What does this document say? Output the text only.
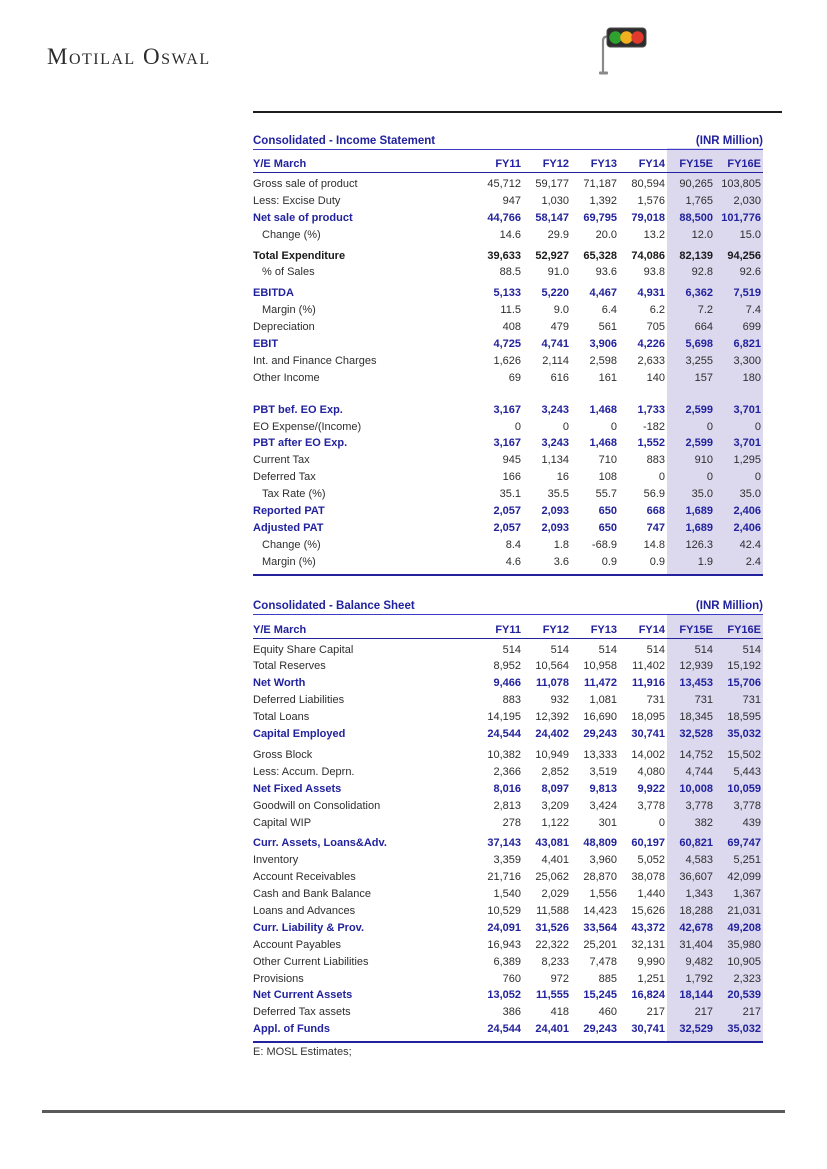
Motilal Oswal
Consolidated - Income Statement	(INR Million)
Y/E March	FY11	FY12	FY13	FY14	FY15E	FY16E
Gross sale of product	45,712	59,177	71,187	80,594	90,265 103,805
Less: Excise Duty	947	1,030	1,392	1,576	1,765	2,030
Net sale of product	44,766	58,147	69,795	79,018	88,500 101,776
Change (%)	14.6	29.9	20.0	13.2	12.0	15.0
Total Expenditure	39,633	52,927	65,328	74,086	82,139	94,256
% of Sales	88.5	91.0	93.6	93.8	92.8	92.6
EBITDA	5,133	5,220	4,467	4,931	6,362	7,519
Margin (%)	11.5	9.0	6.4	6.2	7.2	7.4
Depreciation	408	479	561	705	664	699
EBIT	4,725	4,741	3,906	4,226	5,698	6,821
Int. and Finance Charges	1,626	2,114	2,598	2,633	3,255	3,300
Other Income	69	616	161	140	157	180
PBT bef. EO Exp.	3,167	3,243	1,468	1,733	2,599	3,701
EO Expense/(Income)	0	0	0	-182	0	0
PBT after EO Exp.	3,167	3,243	1,468	1,552	2,599	3,701
Current Tax	945	1,134	710	883	910	1,295
Deferred Tax	166	16	108	0	0	0
Tax Rate (%)	35.1	35.5	55.7	56.9	35.0	35.0
Reported PAT	2,057	2,093	650	668	1,689	2,406
Adjusted PAT	2,057	2,093	650	747	1,689	2,406
Change (%)	8.4	1.8	-68.9	14.8	126.3	42.4
Margin (%)	4.6	3.6	0.9	0.9	1.9	2.4
Consolidated - Balance Sheet	(INR Million)
Y/E March	FY11	FY12	FY13	FY14	FY15E	FY16E
Equity Share Capital	514	514	514	514	514	514
Total Reserves	8,952	10,564	10,958	11,402	12,939	15,192
Net Worth	9,466	11,078	11,472	11,916	13,453	15,706
Deferred Liabilities	883	932	1,081	731	731	731
Total Loans	14,195	12,392	16,690	18,095	18,345	18,595
Capital Employed	24,544	24,402	29,243	30,741	32,528	35,032
Gross Block	10,382	10,949	13,333	14,002	14,752	15,502
Less: Accum. Deprn.	2,366	2,852	3,519	4,080	4,744	5,443
Net Fixed Assets	8,016	8,097	9,813	9,922	10,008	10,059
Goodwill on Consolidation	2,813	3,209	3,424	3,778	3,778	3,778
Capital WIP	278	1,122	301	0	382	439
Curr. Assets, Loans&Adv.	37,143	43,081	48,809	60,197	60,821	69,747
Inventory	3,359	4,401	3,960	5,052	4,583	5,251
Account Receivables	21,716	25,062	28,870	38,078	36,607	42,099
Cash and Bank Balance	1,540	2,029	1,556	1,440	1,343	1,367
Loans and Advances	10,529	11,588	14,423	15,626	18,288	21,031
Curr. Liability & Prov.	24,091	31,526	33,564	43,372	42,678	49,208
Account Payables	16,943	22,322	25,201	32,131	31,404	35,980
Other Current Liabilities	6,389	8,233	7,478	9,990	9,482	10,905
Provisions	760	972	885	1,251	1,792	2,323
Net Current Assets	13,052	11,555	15,245	16,824	18,144	20,539
Deferred Tax assets	386	418	460	217	217	217
Appl. of Funds	24,544	24,401	29,243	30,741	32,529	35,032
E: MOSL Estimates;
